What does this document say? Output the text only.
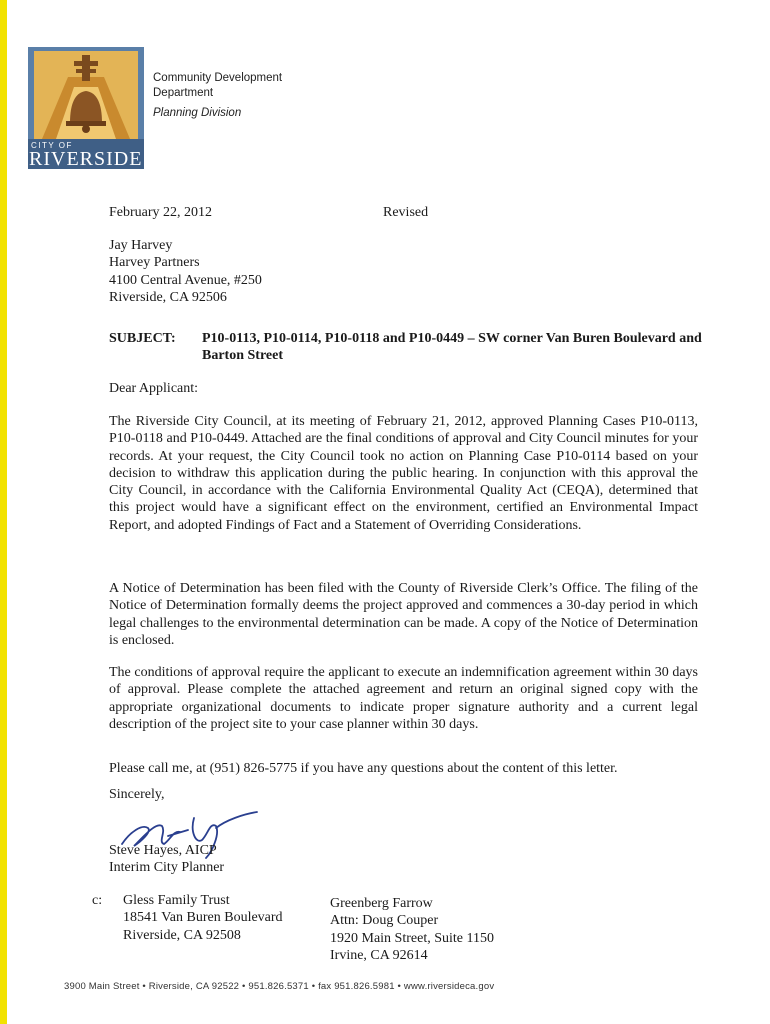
CITY OF
RIVERSIDE
Community Development
Department
Planning Division
February 22, 2012	Revised
Jay Harvey
Harvey Partners
4100 Central Avenue, #250
Riverside, CA 92506
SUBJECT: P10-0113, P10-0114, P10-0118 and P10-0449 – SW corner Van Buren Boulevard and Barton Street
Dear Applicant:
The Riverside City Council, at its meeting of February 21, 2012, approved Planning Cases P10-0113, P10-0118 and P10-0449. Attached are the final conditions of approval and City Council minutes for your records. At your request, the City Council took no action on Planning Case P10-0114 based on your decision to withdraw this application during the public hearing. In conjunction with this approval the City Council, in accordance with the California Environmental Quality Act (CEQA), determined that this project would have a significant effect on the environment, certified an Environmental Impact Report, and adopted Findings of Fact and a Statement of Overriding Considerations.
A Notice of Determination has been filed with the County of Riverside Clerk’s Office. The filing of the Notice of Determination formally deems the project approved and commences a 30-day period in which legal challenges to the environmental determination can be made. A copy of the Notice of Determination is enclosed.
The conditions of approval require the applicant to execute an indemnification agreement within 30 days of approval. Please complete the attached agreement and return an original signed copy with the appropriate organizational documents to indicate proper signature authority and a current legal description of the project site to your case planner within 30 days.
Please call me, at (951) 826-5775 if you have any questions about the content of this letter.
Sincerely,
Steve Hayes, AICP
Interim City Planner
c: Gless Family Trust
18541 Van Buren Boulevard
Riverside, CA 92508
Greenberg Farrow
Attn: Doug Couper
1920 Main Street, Suite 1150
Irvine, CA 92614
3900 Main Street • Riverside, CA 92522 • 951.826.5371 • fax 951.826.5981 • www.riversideca.gov
